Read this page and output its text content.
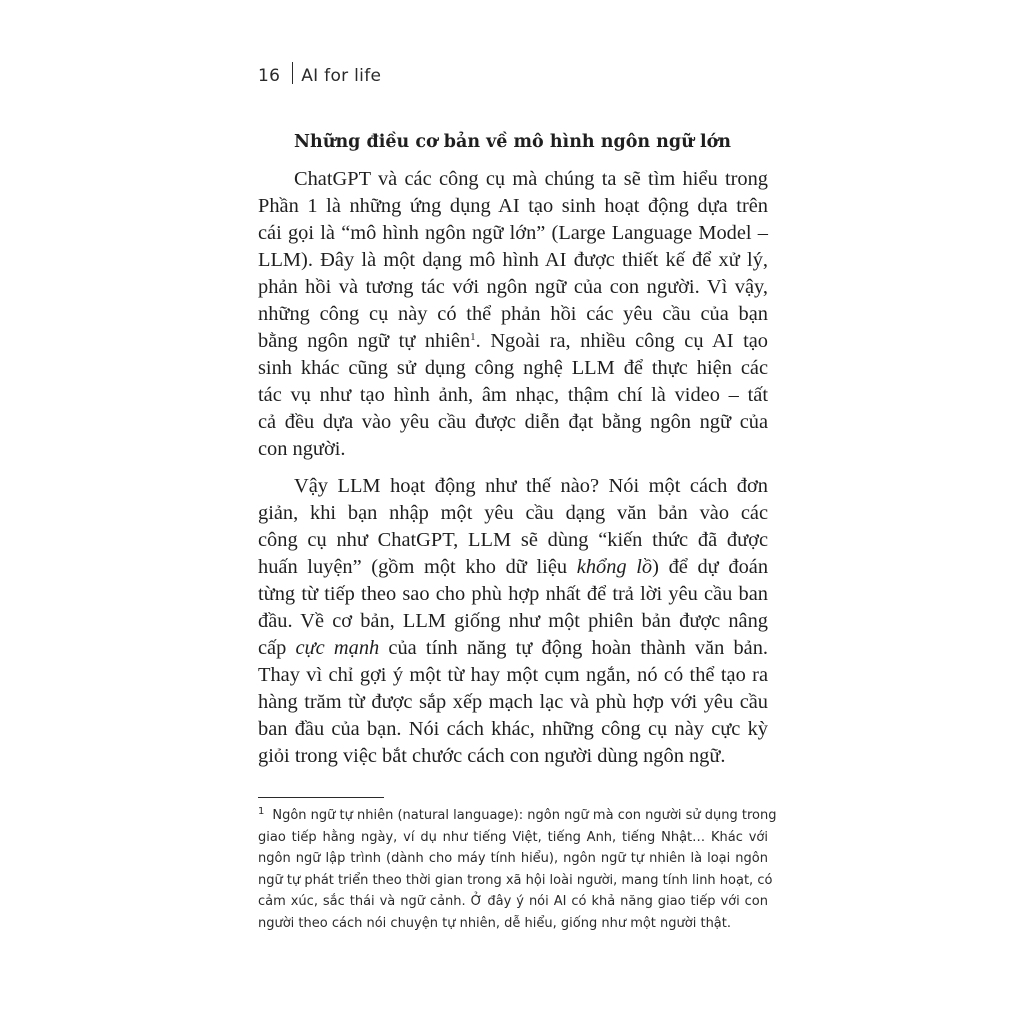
16 AI for life
Những điều cơ bản về mô hình ngôn ngữ lớn
ChatGPT và các công cụ mà chúng ta sẽ tìm hiểu trong
Phần 1 là những ứng dụng AI tạo sinh hoạt động dựa trên
cái gọi là “mô hình ngôn ngữ lớn” (Large Language Model –
LLM). Đây là một dạng mô hình AI được thiết kế để xử lý,
phản hồi và tương tác với ngôn ngữ của con người. Vì vậy,
những công cụ này có thể phản hồi các yêu cầu của bạn
bằng ngôn ngữ tự nhiên$^1$. Ngoài ra, nhiều công cụ AI tạo
sinh khác cũng sử dụng công nghệ LLM để thực hiện các
tác vụ như tạo hình ảnh, âm nhạc, thậm chí là video – tất
cả đều dựa vào yêu cầu được diễn đạt bằng ngôn ngữ của
con người.
Vậy LLM hoạt động như thế nào? Nói một cách đơn
giản, khi bạn nhập một yêu cầu dạng văn bản vào các
công cụ như ChatGPT, LLM sẽ dùng “kiến thức đã được
huấn luyện” (gồm một kho dữ liệu khổng lồ) để dự đoán
từng từ tiếp theo sao cho phù hợp nhất để trả lời yêu cầu ban
đầu. Về cơ bản, LLM giống như một phiên bản được nâng
cấp cực mạnh của tính năng tự động hoàn thành văn bản.
Thay vì chỉ gợi ý một từ hay một cụm ngắn, nó có thể tạo ra
hàng trăm từ được sắp xếp mạch lạc và phù hợp với yêu cầu
ban đầu của bạn. Nói cách khác, những công cụ này cực kỳ
giỏi trong việc bắt chước cách con người dùng ngôn ngữ.
$^1$ Ngôn ngữ tự nhiên (natural language): ngôn ngữ mà con người sử dụng trong
giao tiếp hằng ngày, ví dụ như tiếng Việt, tiếng Anh, tiếng Nhật… Khác với
ngôn ngữ lập trình (dành cho máy tính hiểu), ngôn ngữ tự nhiên là loại ngôn
ngữ tự phát triển theo thời gian trong xã hội loài người, mang tính linh hoạt, có
cảm xúc, sắc thái và ngữ cảnh. Ở đây ý nói AI có khả năng giao tiếp với con
người theo cách nói chuyện tự nhiên, dễ hiểu, giống như một người thật.
